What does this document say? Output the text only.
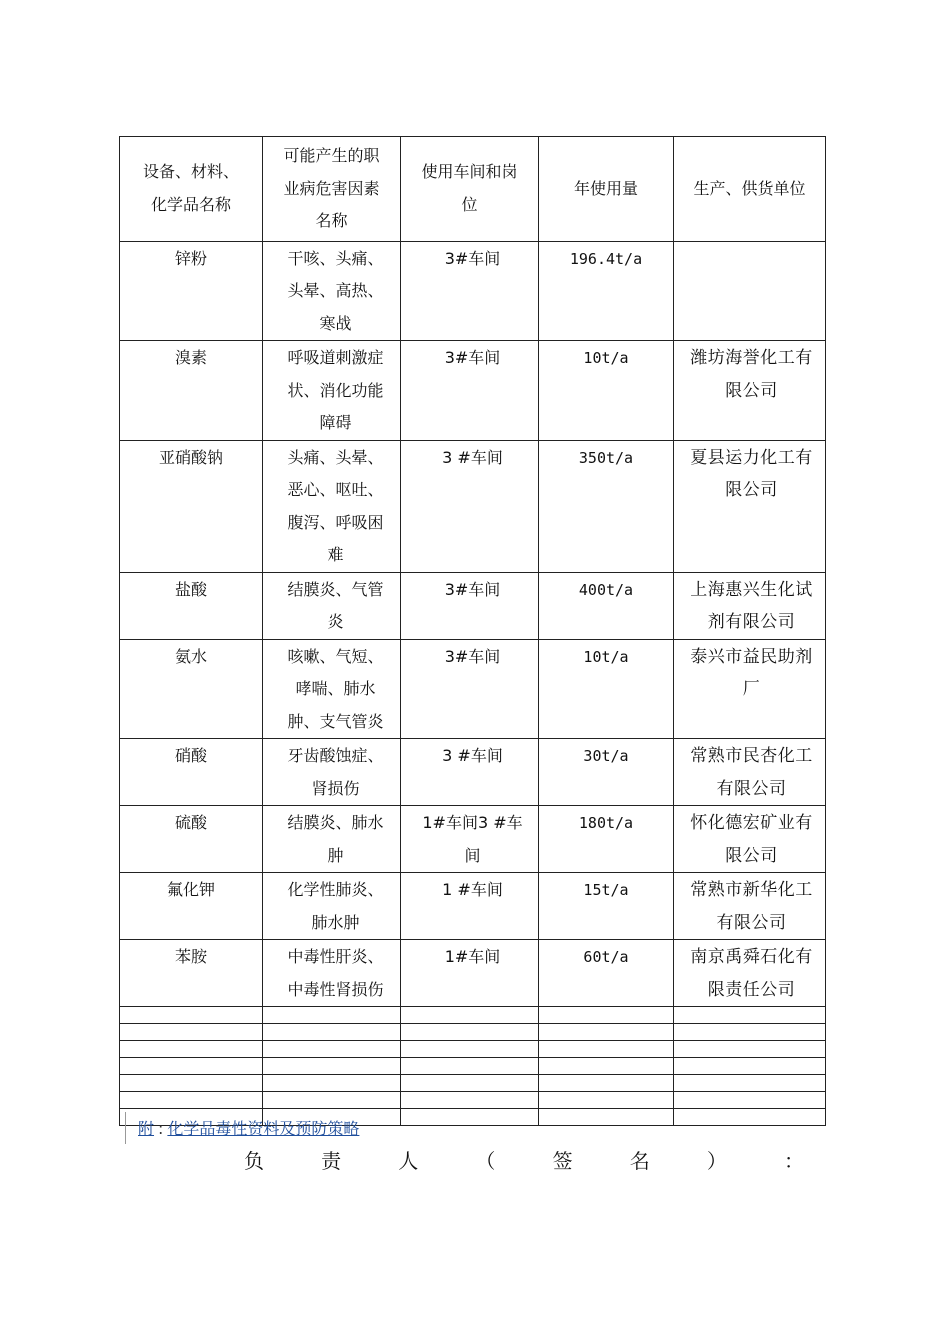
设备、材料、化学品名称	可能产生的职业病危害因素名称	使用车间和岗位	年使用量	生产、供货单位

锌粉	干咳、头痛、头晕、高热、寒战	3#车间	196.4t/a	

溴素	呼吸道刺激症状、消化功能障碍	3#车间	10t/a	潍坊海誉化工有限公司

亚硝酸钠	头痛、头晕、恶心、呕吐、腹泻、呼吸困难	3 #车间	350t/a	夏县运力化工有限公司

盐酸	结膜炎、气管炎	3#车间	400t/a	上海惠兴生化试剂有限公司

氨水	咳嗽、气短、哮喘、肺水肿、支气管炎	3#车间	10t/a	泰兴市益民助剂厂

硝酸	牙齿酸蚀症、肾损伤	3 #车间	30t/a	常熟市民杏化工有限公司

硫酸	结膜炎、肺水肿	1#车间3 #车间	180t/a	怀化德宏矿业有限公司

氟化钾	化学性肺炎、肺水肿	1 #车间	15t/a	常熟市新华化工有限公司

苯胺	中毒性肝炎、中毒性肾损伤	1#车间	60t/a	南京禹舜石化有限责任公司

附 : 化学品毒性资料及预防策略
负	责	人	（	签	名	）	：
